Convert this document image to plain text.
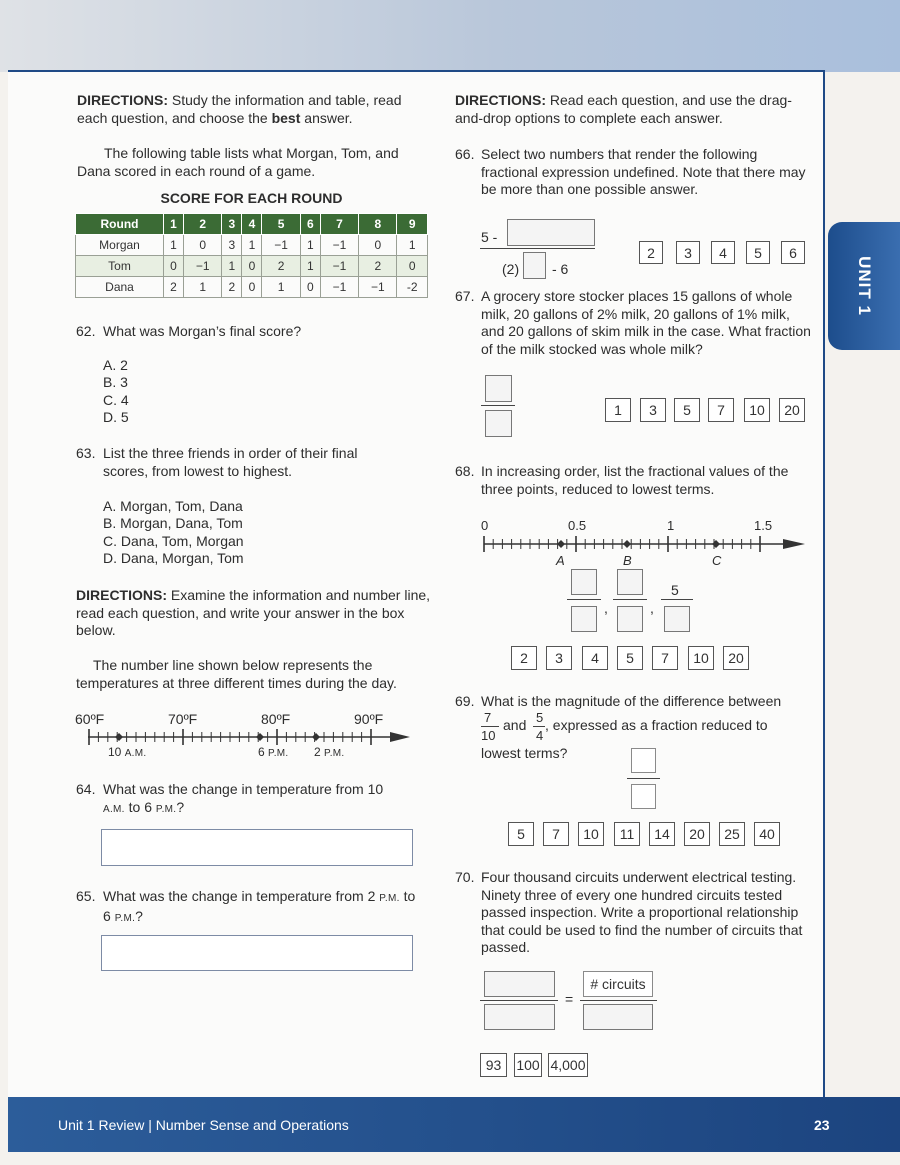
UNIT 1
DIRECTIONS: Study the information and table, read each question, and choose the best answer.
The following table lists what Morgan, Tom, and Dana scored in each round of a game.
SCORE FOR EACH ROUND
Round	1	2	3	4	5	6	7	8	9
Morgan	1	0	3	1	−1	1	−1	0	1
Tom	0	−1	1	0	2	1	−1	2	0
Dana	2	1	2	0	1	0	−1	−1	-2
62. What was Morgan’s final score?
A. 2
B. 3
C. 4
D. 5
63. List the three friends in order of their final scores, from lowest to highest.
A. Morgan, Tom, Dana
B. Morgan, Dana, Tom
C. Dana, Tom, Morgan
D. Dana, Morgan, Tom
DIRECTIONS: Examine the information and number line, read each question, and write your answer in the box below.
The number line shown below represents the temperatures at three different times during the day.
60ºF	70ºF	80ºF	90ºF
10 A.M.	6 P.M. 2 P.M.
64. What was the change in temperature from 10 A.M. to 6 P.M.?
65. What was the change in temperature from 2 P.M. to 6 P.M.?
DIRECTIONS: Read each question, and use the drag-and-drop options to complete each answer.
66. Select two numbers that render the following fractional expression undefined. Note that there may be more than one possible answer.
5 -
(2) - 6
2	3	4	5	6
67. A grocery store stocker places 15 gallons of whole milk, 20 gallons of 2% milk, 20 gallons of 1% milk, and 20 gallons of skim milk in the case. What fraction of the milk stocked was whole milk?
1	3	5	7	10	20
68. In increasing order, list the fractional values of the three points, reduced to lowest terms.
0	0.5	1	1.5
A	B	C
,	,
5
2	3	4	5	7	10	20
69. What is the magnitude of the difference between
7
10
and 5
4
, expressed as a fraction reduced to
lowest terms?
5	7	10	11	14	20	25	40
70. Four thousand circuits underwent electrical testing. Ninety three of every one hundred circuits tested passed inspection. Write a proportional relationship that could be used to find the number of circuits that passed.
=
# circuits
93	100 4,000
Unit 1 Review | Number Sense and Operations	23
